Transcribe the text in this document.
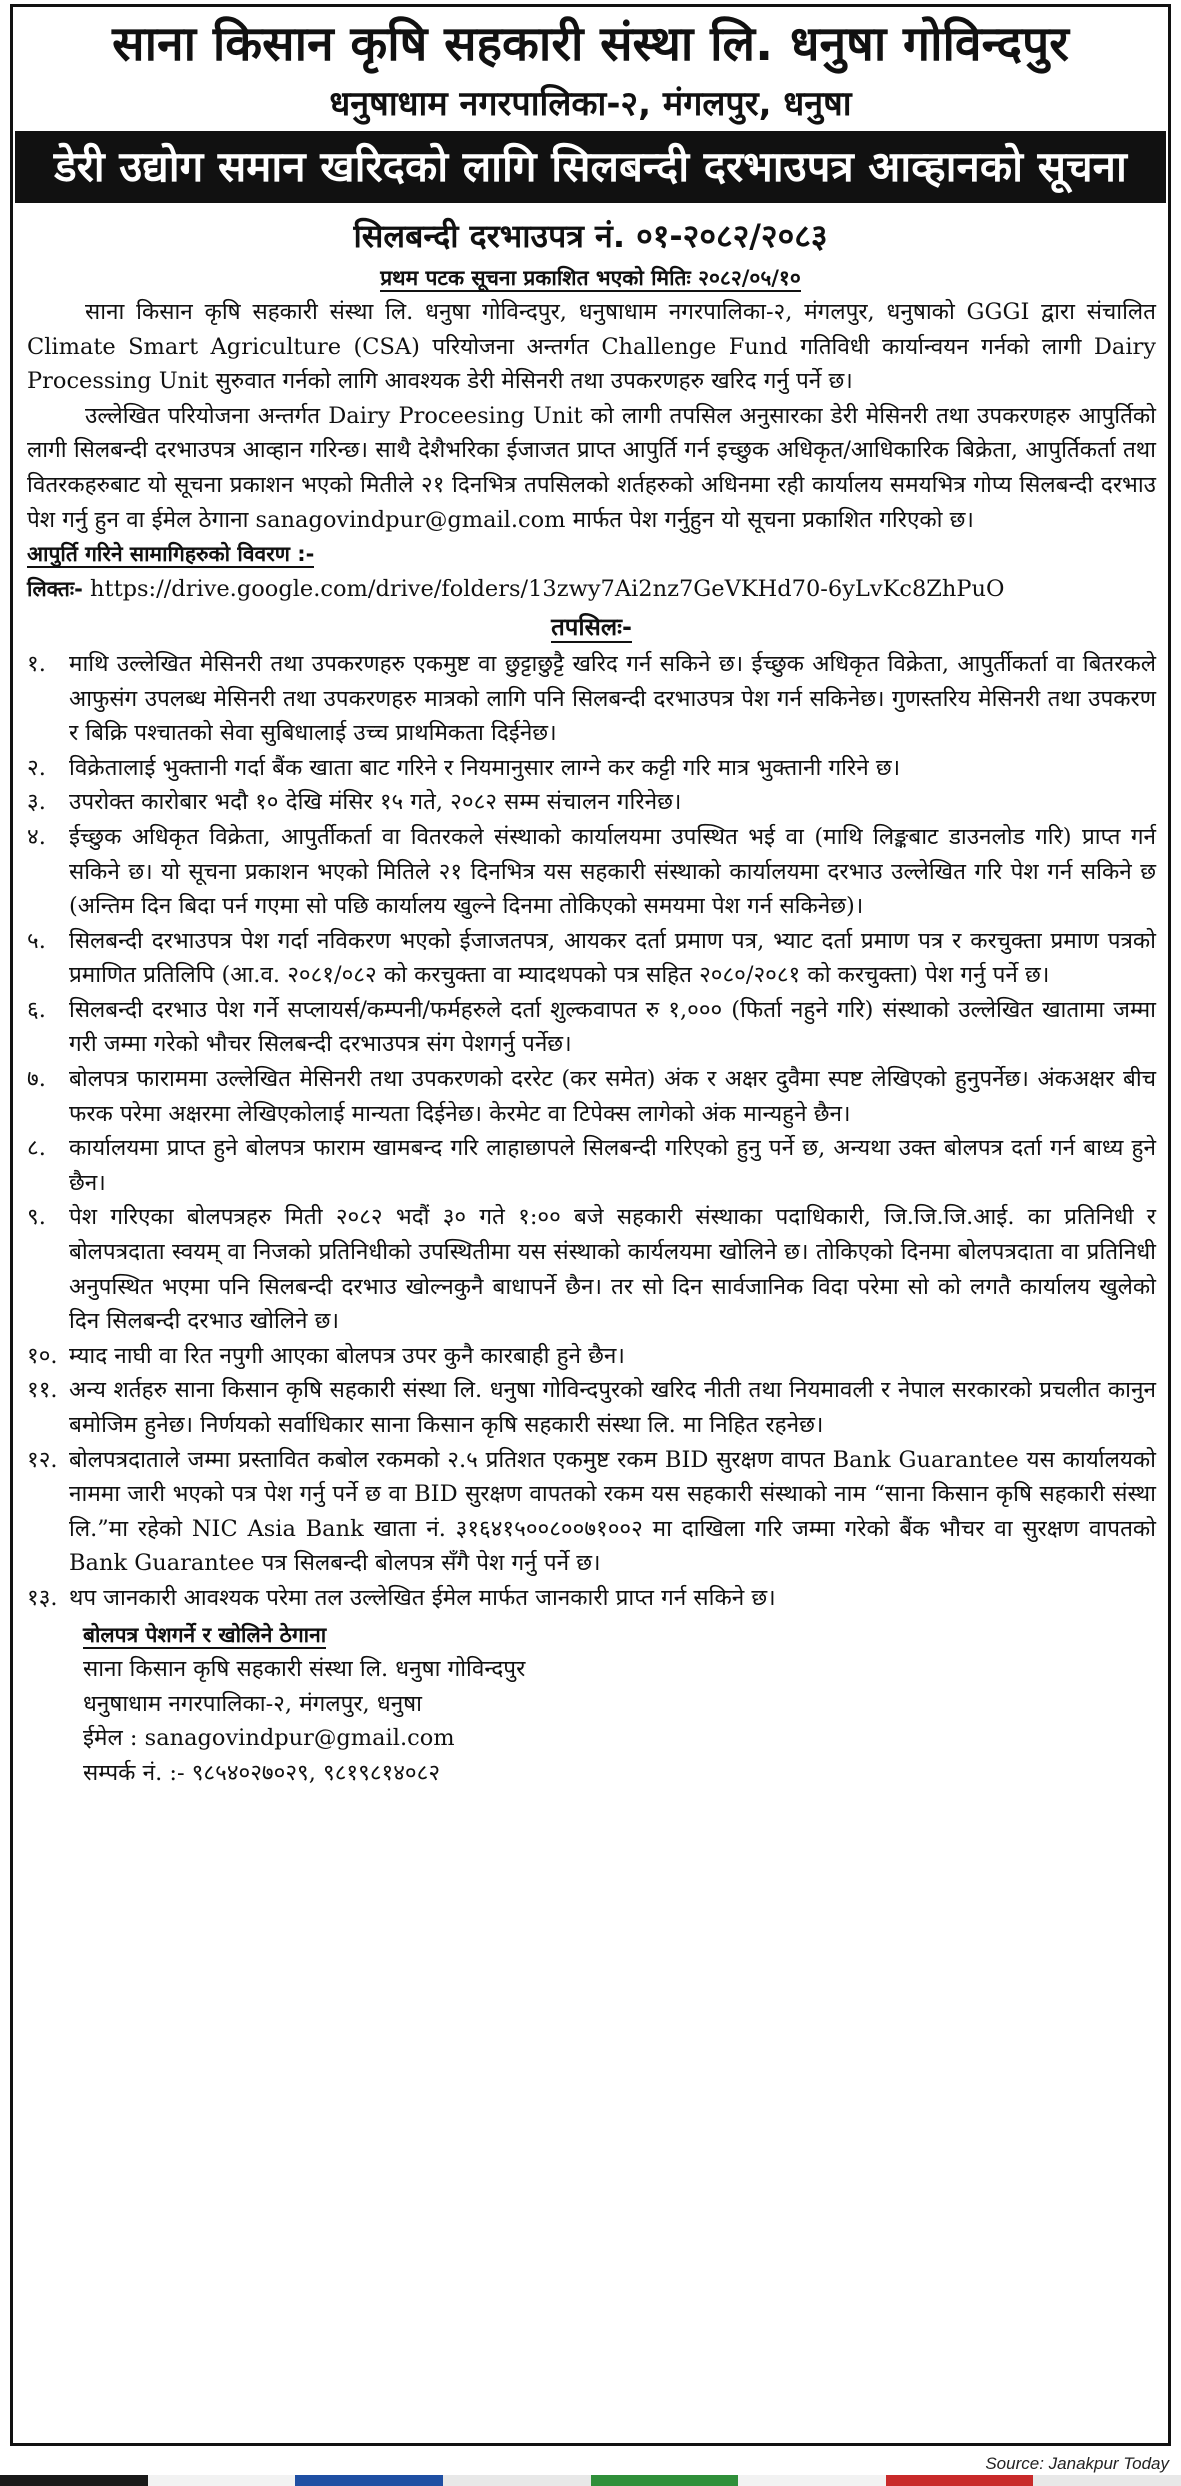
साना किसान कृषि सहकारी संस्था लि. धनुषा गोविन्दपुर
धनुषाधाम नगरपालिका-२, मंगलपुर, धनुषा
डेरी उद्योग समान खरिदको लागि सिलबन्दी दरभाउपत्र आव्हानको सूचना
सिलबन्दी दरभाउपत्र नं. ०१-२०८२/२०८३
प्रथम पटक सूचना प्रकाशित भएको मितिः २०८२/०५/१०

साना किसान कृषि सहकारी संस्था लि. धनुषा गोविन्दपुर, धनुषाधाम नगरपालिका-२, मंगलपुर, धनुषाको GGGI द्वारा संचालित Climate Smart Agriculture (CSA) परियोजना अन्तर्गत Challenge Fund गतिविधी कार्यान्वयन गर्नको लागी Dairy Processing Unit सुरुवात गर्नको लागि आवश्यक डेरी मेसिनरी तथा उपकरणहरु खरिद गर्नु पर्ने छ।

उल्लेखित परियोजना अन्तर्गत Dairy Proceesing Unit को लागी तपसिल अनुसारका डेरी मेसिनरी तथा उपकरणहरु आपुर्तिको लागी सिलबन्दी दरभाउपत्र आव्हान गरिन्छ। साथै देशैभरिका ईजाजत प्राप्त आपुर्ति गर्न इच्छुक अधिकृत/आधिकारिक बिक्रेता, आपुर्तिकर्ता तथा वितरकहरुबाट यो सूचना प्रकाशन भएको मितीले २१ दिनभित्र तपसिलको शर्तहरुको अधिनमा रही कार्यालय समयभित्र गोप्य सिलबन्दी दरभाउ पेश गर्नु हुन वा ईमेल ठेगाना sanagovindpur@gmail.com मार्फत पेश गर्नुहुन यो सूचना प्रकाशित गरिएको छ।

आपुर्ति गरिने सामागिहरुको विवरण :-

लिक्तः- https://drive.google.com/drive/folders/13zwy7Ai2nz7GeVKHd70-6yLvKc8ZhPuO

तपसिलः-
१.	माथि उल्लेखित मेसिनरी तथा उपकरणहरु एकमुष्ट वा छुट्टाछुट्टै खरिद गर्न सकिने छ। ईच्छुक अधिकृत विक्रेता, आपुर्तीकर्ता वा बितरकले आफुसंग उपलब्ध मेसिनरी तथा उपकरणहरु मात्रको लागि पनि सिलबन्दी दरभाउपत्र पेश गर्न सकिनेछ। गुणस्तरिय मेसिनरी तथा उपकरण र बिक्रि पश्चातको सेवा सुबिधालाई उच्च प्राथमिकता दिईनेछ।
२.	विक्रेतालाई भुक्तानी गर्दा बैंक खाता बाट गरिने र नियमानुसार लाग्ने कर कट्टी गरि मात्र भुक्तानी गरिने छ।
३.	उपरोक्त कारोबार भदौ १० देखि मंसिर १५ गते, २०८२ सम्म संचालन गरिनेछ।
४.	ईच्छुक अधिकृत विक्रेता, आपुर्तीकर्ता वा वितरकले संस्थाको कार्यालयमा उपस्थित भई वा (माथि लिङ्कबाट डाउनलोड गरि) प्राप्त गर्न सकिने छ। यो सूचना प्रकाशन भएको मितिले २१ दिनभित्र यस सहकारी संस्थाको कार्यालयमा दरभाउ उल्लेखित गरि पेश गर्न सकिने छ (अन्तिम दिन बिदा पर्न गएमा सो पछि कार्यालय खुल्ने दिनमा तोकिएको समयमा पेश गर्न सकिनेछ)।
५.	सिलबन्दी दरभाउपत्र पेश गर्दा नविकरण भएको ईजाजतपत्र, आयकर दर्ता प्रमाण पत्र, भ्याट दर्ता प्रमाण पत्र र करचुक्ता प्रमाण पत्रको प्रमाणित प्रतिलिपि (आ.व. २०८१/०८२ को करचुक्ता वा म्यादथपको पत्र सहित २०८०/२०८१ को करचुक्ता) पेश गर्नु पर्ने छ।
६.	सिलबन्दी दरभाउ पेश गर्ने सप्लायर्स/कम्पनी/फर्महरुले दर्ता शुल्कवापत रु १,००० (फिर्ता नहुने गरि) संस्थाको उल्लेखित खातामा जम्मा गरी जम्मा गरेको भौचर सिलबन्दी दरभाउपत्र संग पेशगर्नु पर्नेछ।
७.	बोलपत्र फाराममा उल्लेखित मेसिनरी तथा उपकरणको दररेट (कर समेत) अंक र अक्षर दुवैमा स्पष्ट लेखिएको हुनुपर्नेछ। अंकअक्षर बीच फरक परेमा अक्षरमा लेखिएकोलाई मान्यता दिईनेछ। केरमेट वा टिपेक्स लागेको अंक मान्यहुने छैन।
८.	कार्यालयमा प्राप्त हुने बोलपत्र फाराम खामबन्द गरि लाहाछापले सिलबन्दी गरिएको हुनु पर्ने छ, अन्यथा उक्त बोलपत्र दर्ता गर्न बाध्य हुने छैन।
९.	पेश गरिएका बोलपत्रहरु मिती २०८२ भदौं ३० गते १:०० बजे सहकारी संस्थाका पदाधिकारी, जि.जि.जि.आई. का प्रतिनिधी र बोलपत्रदाता स्वयम् वा निजको प्रतिनिधीको उपस्थितीमा यस संस्थाको कार्यलयमा खोलिने छ। तोकिएको दिनमा बोलपत्रदाता वा प्रतिनिधी अनुपस्थित भएमा पनि सिलबन्दी दरभाउ खोल्नकुनै बाधापर्ने छैन। तर सो दिन सार्वजानिक विदा परेमा सो को लगतै कार्यालय खुलेको दिन सिलबन्दी दरभाउ खोलिने छ।
१०. म्याद नाघी वा रित नपुगी आएका बोलपत्र उपर कुनै कारबाही हुने छैन।
११. अन्य शर्तहरु साना किसान कृषि सहकारी संस्था लि. धनुषा गोविन्दपुरको खरिद नीती तथा नियमावली र नेपाल सरकारको प्रचलीत कानुन बमोजिम हुनेछ। निर्णयको सर्वाधिकार साना किसान कृषि सहकारी संस्था लि. मा निहित रहनेछ।
१२. बोलपत्रदाताले जम्मा प्रस्तावित कबोल रकमको २.५ प्रतिशत एकमुष्ट रकम BID सुरक्षण वापत Bank Guarantee यस कार्यालयको नाममा जारी भएको पत्र पेश गर्नु पर्ने छ वा BID सुरक्षण वापतको रकम यस सहकारी संस्थाको नाम “साना किसान कृषि सहकारी संस्था लि.”मा रहेको NIC Asia Bank खाता नं. ३१६४१५००८००७१००२ मा दाखिला गरि जम्मा गरेको बैंक भौचर वा सुरक्षण वापतको Bank Guarantee पत्र सिलबन्दी बोलपत्र सँगै पेश गर्नु पर्ने छ।
१३. थप जानकारी आवश्यक परेमा तल उल्लेखित ईमेल मार्फत जानकारी प्राप्त गर्न सकिने छ।
बोलपत्र पेशगर्ने र खोलिने ठेगाना
साना किसान कृषि सहकारी संस्था लि. धनुषा गोविन्दपुर
धनुषाधाम नगरपालिका-२, मंगलपुर, धनुषा
ईमेल : sanagovindpur@gmail.com
सम्पर्क नं. :- ९८५४०२७०२९, ९८१९८१४०८२
Source: Janakpur Today
